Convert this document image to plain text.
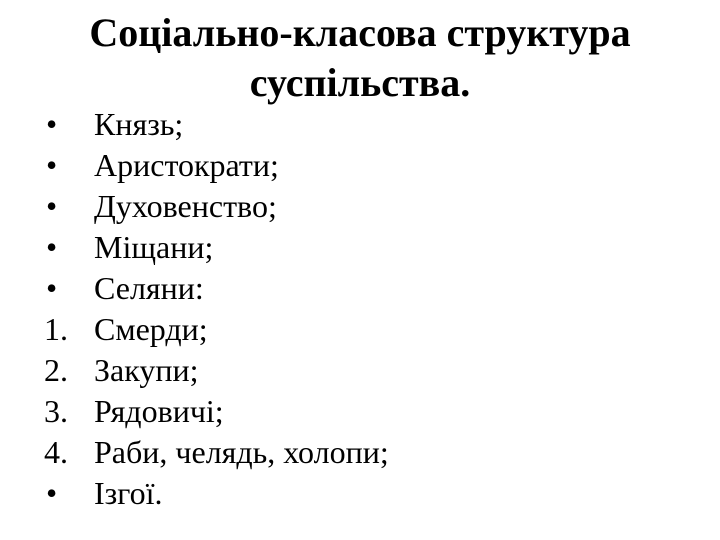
Соціально-класова структура
суспільства.
•	Князь;
•	Аристократи;
•	Духовенство;
•	Міщани;
•	Селяни:
1. Смерди;
2. Закупи;
3. Рядовичі;
4. Раби, челядь, холопи;
•	Ізгої.
